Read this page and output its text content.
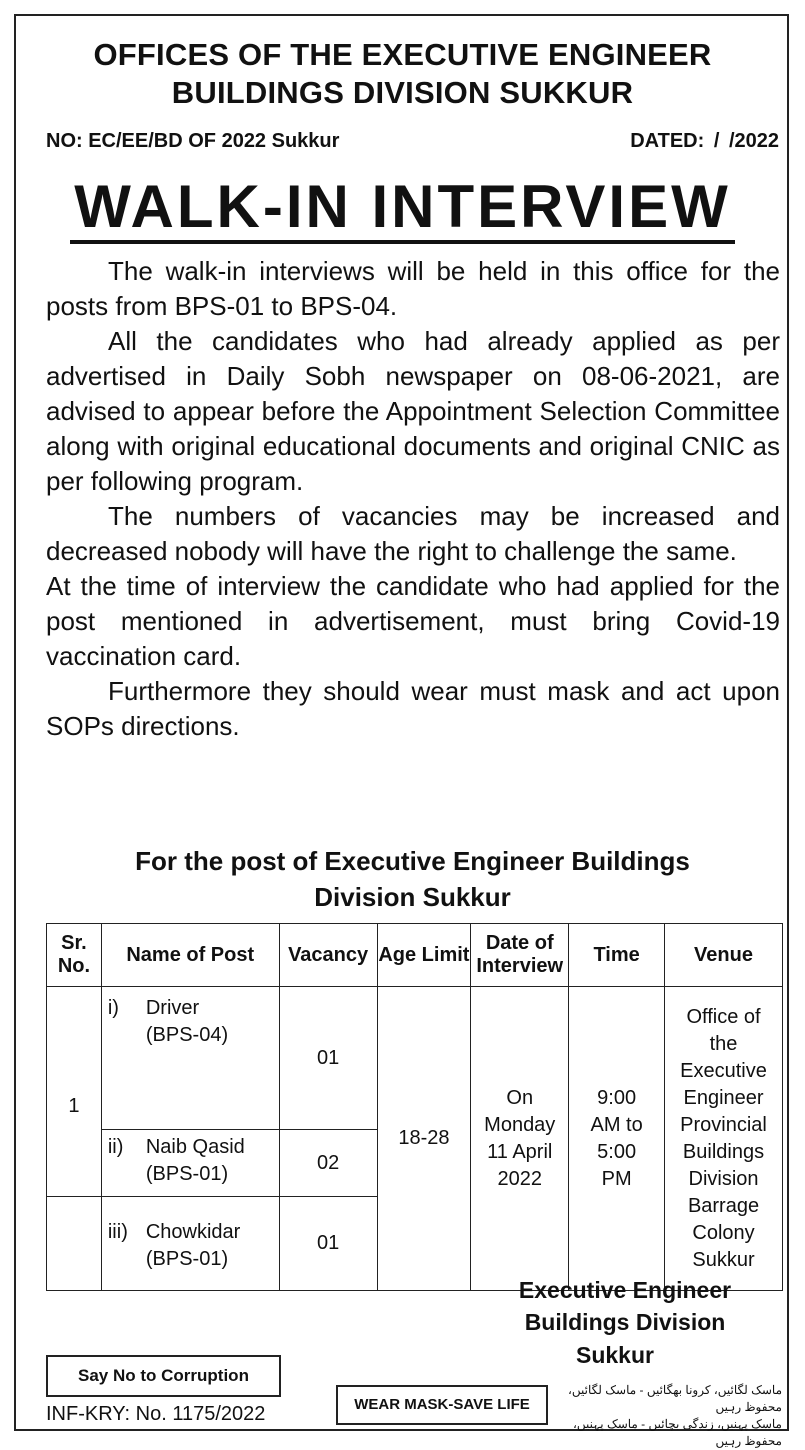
OFFICES OF THE EXECUTIVE ENGINEER
BUILDINGS DIVISION SUKKUR
NO: EC/EE/BD OF 2022 Sukkur	DATED: / /2022
WALK-IN INTERVIEW

The walk-in interviews will be held in this office for the posts from BPS-01 to BPS-04.

All the candidates who had already applied as per advertised in Daily Sobh newspaper on 08-06-2021, are advised to appear before the Appointment Selection Committee along with original educational documents and original CNIC as per following program.

The numbers of vacancies may be increased and decreased nobody will have the right to challenge the same.

At the time of interview the candidate who had applied for the post mentioned in advertisement, must bring Covid-19 vaccination card.

Furthermore they should wear must mask and act upon SOPs directions.

For the post of Executive Engineer Buildings
Division Sukkur
Sr. No.	Name of Post	Vacancy	Age Limit	Date of Interview	Time	Venue
1	i) Driver
(BPS-04)	01	18-28	On Monday 11 April 2022	9:00 AM to 5:00 PM	Office of the Executive Engineer Provincial Buildings Division Barrage Colony Sukkur

	ii) Naib Qasid
(BPS-01)	02				

	iii) Chowkidar
(BPS-01)	01				
Executive Engineer
Buildings Division
Sukkur
Say No to Corruption
INF-KRY: No. 1175/2022	WEAR MASK-SAVE LIFE
ماسک لگائیں، کرونا بھگائیں - ماسک لگائیں، محفوظ رہیں
ماسک پہنیں، زندگی بچائیں - ماسک پہنیں، محفوظ رہیں
